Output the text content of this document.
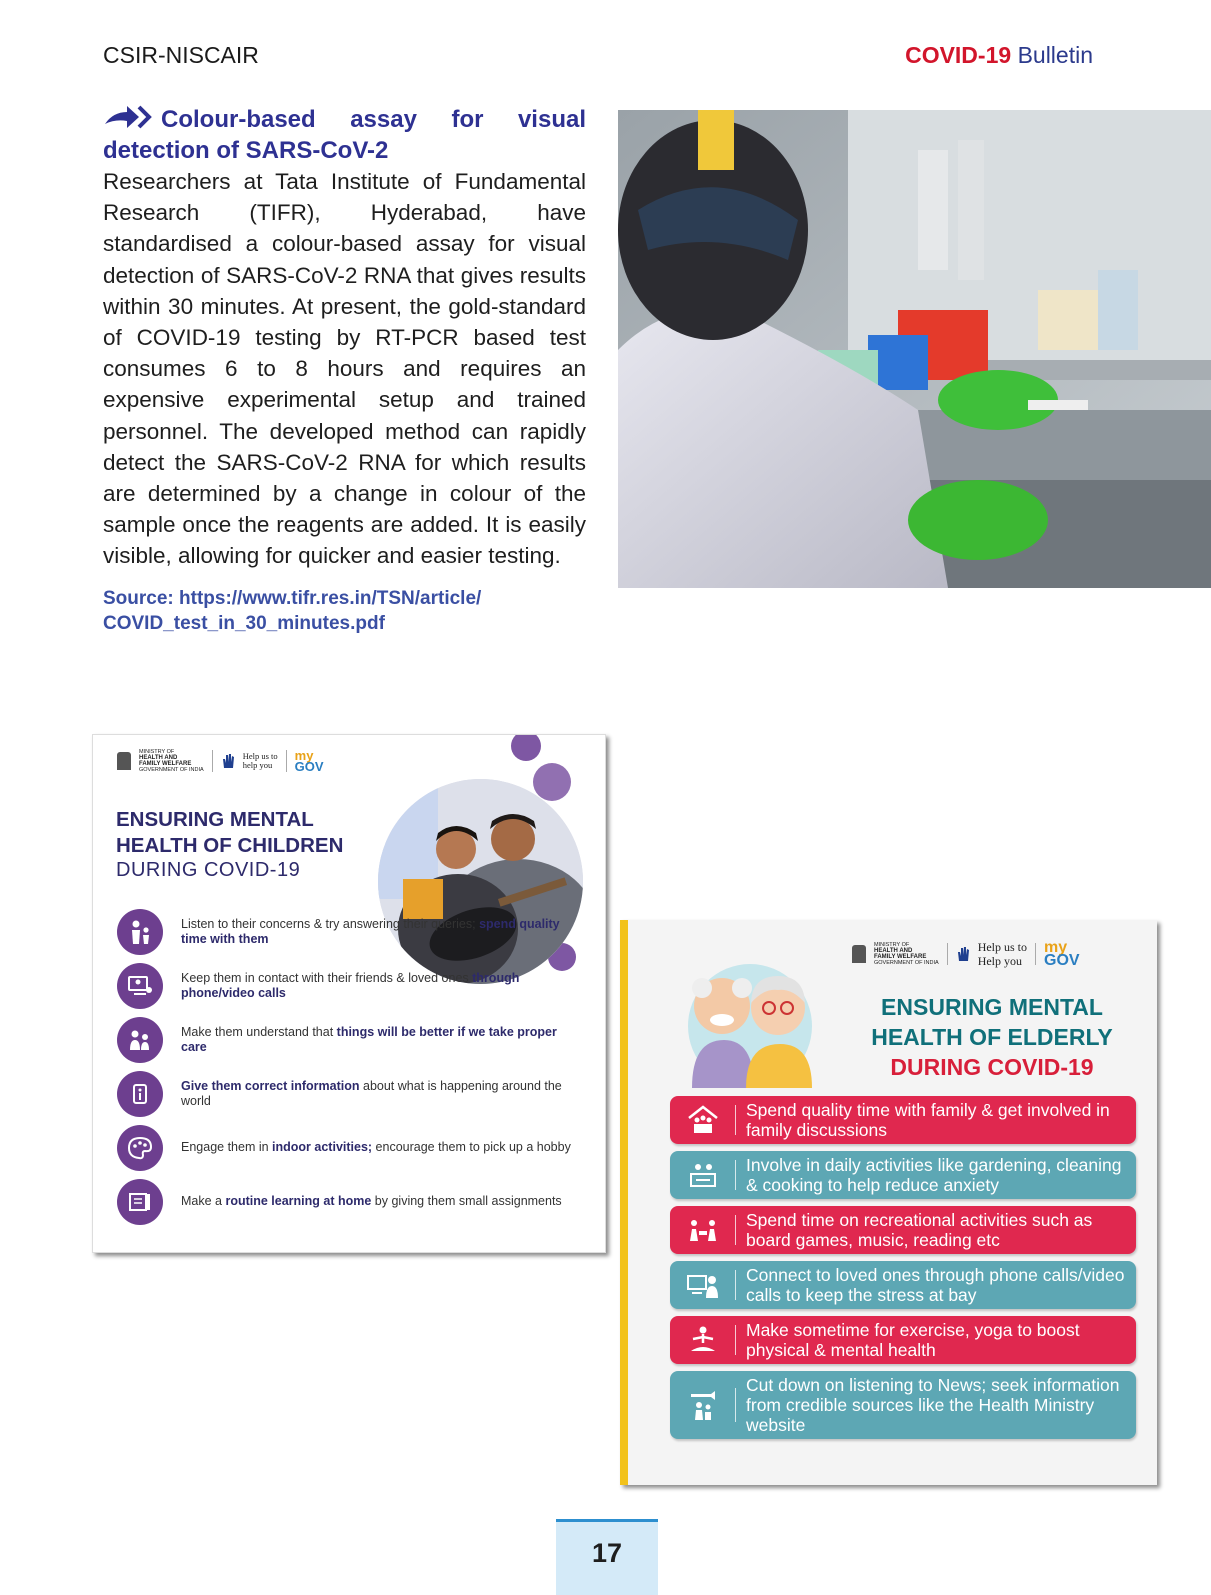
CSIR-NISCAIR	COVID-19 Bulletin
Colour-based assay for visual
detection of SARS-CoV-2

Researchers at Tata Institute of Fundamental Research (TIFR), Hyderabad, have standardised a colour-based assay for visual detection of SARS-CoV-2 RNA that gives results within 30 minutes. At present, the gold-standard of COVID-19 testing by RT-PCR based test consumes 6 to 8 hours and requires an expensive experimental setup and trained personnel. The developed method can rapidly detect the SARS-CoV-2 RNA for which results are determined by a change in colour of the sample once the reagents are added. It is easily visible, allowing for quicker and easier testing.

Source: https://www.tifr.res.in/TSN/article/
COVID_test_in_30_minutes.pdf
MINISTRY OF
HEALTH AND
FAMILY WELFARE
GOVERNMENT OF INDIA
Help us to
help you
my
GOV
ENSURING MENTAL
HEALTH OF CHILDREN
DURING COVID-19
Listen to their concerns & try answering their queries; spend quality time with them
Keep them in contact with their friends & loved ones through phone/video calls
Make them understand that things will be better if we take proper care
Give them correct information about what is happening around the world
Engage them in indoor activities; encourage them to pick up a hobby
Make a routine learning at home by giving them small assignments
MINISTRY OF
HEALTH AND
FAMILY WELFARE
GOVERNMENT OF INDIA
Help us to
Help you
my
GOV
ENSURING MENTAL
HEALTH OF ELDERLY
DURING COVID-19
Spend quality time with family & get involved in family discussions
Involve in daily activities like gardening, cleaning & cooking to help reduce anxiety
Spend time on recreational activities such as board games, music, reading etc
Connect to loved ones through phone calls/video calls to keep the stress at bay
Make sometime for exercise, yoga to boost physical & mental health
Cut down on listening to News; seek information from credible sources like the Health Ministry website
17
